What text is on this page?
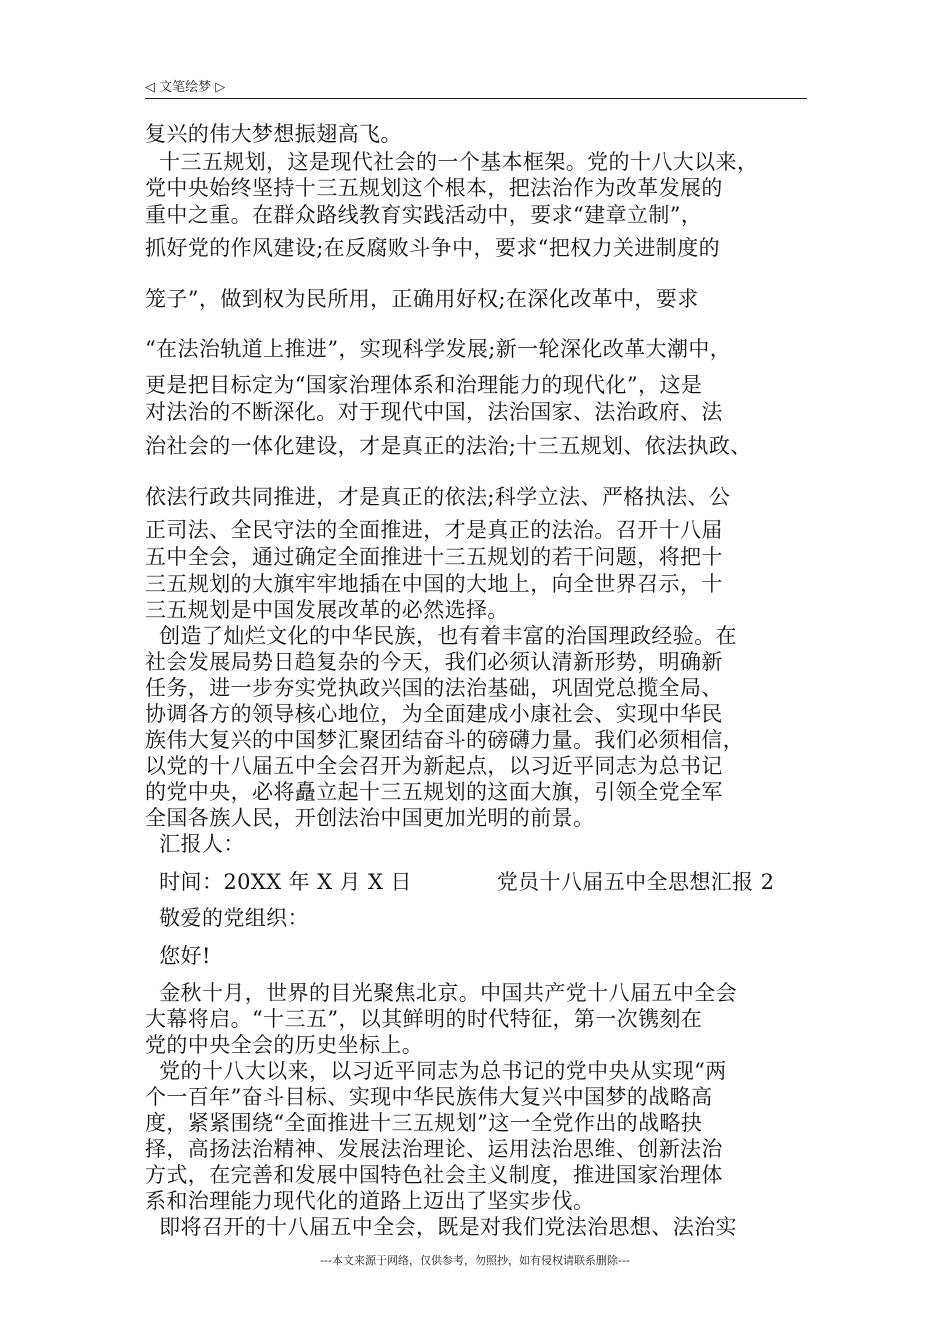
◁ 文笔绘梦 ▷
复兴的伟大梦想振翅高飞。
十三五规划，这是现代社会的一个基本框架。党的十八大以来，
党中央始终坚持十三五规划这个根本，把法治作为改革发展的
重中之重。在群众路线教育实践活动中，要求“建章立制”，
抓好党的作风建设;在反腐败斗争中，要求“把权力关进制度的
笼子”，做到权为民所用，正确用好权;在深化改革中，要求
“在法治轨道上推进”，实现科学发展;新一轮深化改革大潮中，
更是把目标定为“国家治理体系和治理能力的现代化”，这是
对法治的不断深化。对于现代中国，法治国家、法治政府、法
治社会的一体化建设，才是真正的法治;十三五规划、依法执政、
依法行政共同推进，才是真正的依法;科学立法、严格执法、公
正司法、全民守法的全面推进，才是真正的法治。召开十八届
五中全会，通过确定全面推进十三五规划的若干问题，将把十
三五规划的大旗牢牢地插在中国的大地上，向全世界召示，十
三五规划是中国发展改革的必然选择。
创造了灿烂文化的中华民族，也有着丰富的治国理政经验。在
社会发展局势日趋复杂的今天，我们必须认清新形势，明确新
任务，进一步夯实党执政兴国的法治基础，巩固党总揽全局、
协调各方的领导核心地位，为全面建成小康社会、实现中华民
族伟大复兴的中国梦汇聚团结奋斗的磅礴力量。我们必须相信，
以党的十八届五中全会召开为新起点，以习近平同志为总书记
的党中央，必将矗立起十三五规划的这面大旗，引领全党全军
全国各族人民，开创法治中国更加光明的前景。
汇报人：
时间：20XX 年 X 月 X 日            党员十八届五中全思想汇报 2
敬爱的党组织：
您好!
金秋十月，世界的目光聚焦北京。中国共产党十八届五中全会
大幕将启。“十三五”，以其鲜明的时代特征，第一次镌刻在
党的中央全会的历史坐标上。
党的十八大以来，以习近平同志为总书记的党中央从实现“两
个一百年”奋斗目标、实现中华民族伟大复兴中国梦的战略高
度，紧紧围绕“全面推进十三五规划”这一全党作出的战略抉
择，高扬法治精神、发展法治理论、运用法治思维、创新法治
方式，在完善和发展中国特色社会主义制度，推进国家治理体
系和治理能力现代化的道路上迈出了坚实步伐。
即将召开的十八届五中全会，既是对我们党法治思想、法治实
---本文来源于网络，仅供参考，勿照抄，如有侵权请联系删除---
